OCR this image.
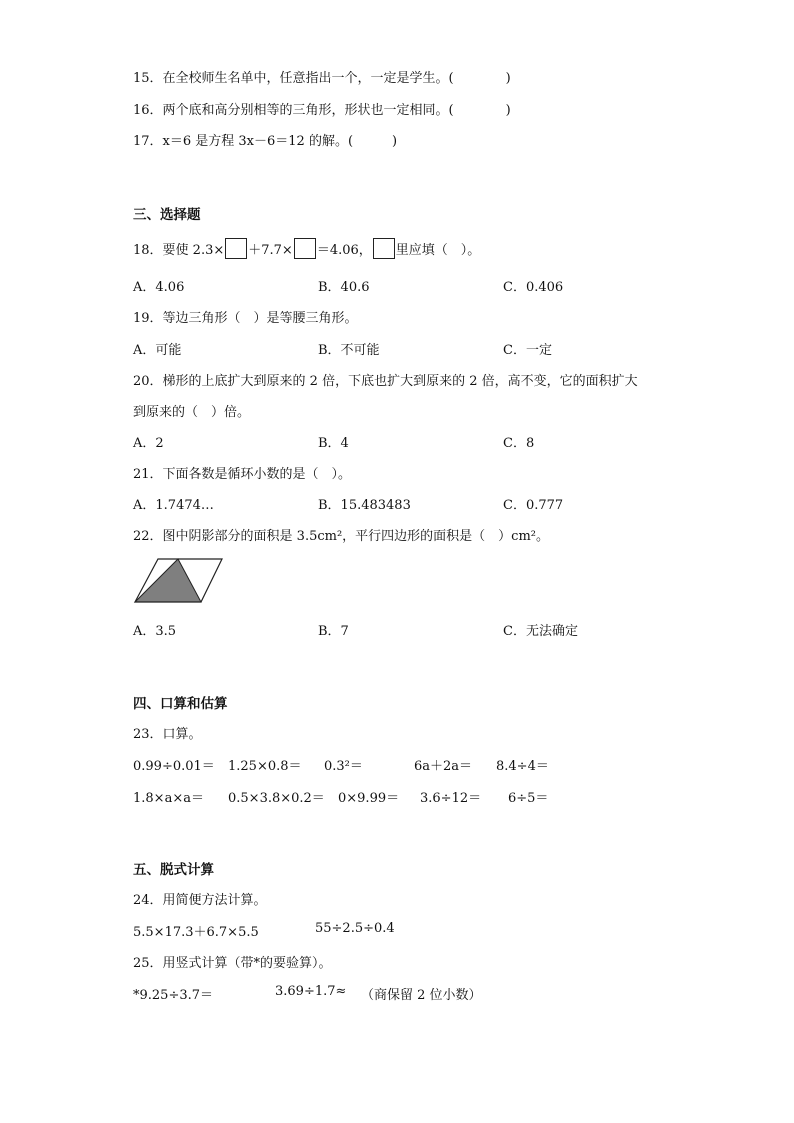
15．在全校师生名单中，任意指出一个，一定是学生。(　　　　)
16．两个底和高分别相等的三角形，形状也一定相同。(　　　　)
17．x＝6 是方程 3x－6＝12 的解。(　　　)
三、选择题
18．要使 2.3× ＋7.7× ＝4.06， 里应填（　）。
A．4.06	B．40.6	C．0.406
19．等边三角形（　）是等腰三角形。
A．可能	B．不可能	C．一定
20．梯形的上底扩大到原来的 2 倍，下底也扩大到原来的 2 倍，高不变，它的面积扩大
到原来的（　）倍。
A．2	B．4	C．8
21．下面各数是循环小数的是（　）。
A．1.7474…	B．15.483483	C．0.777
22．图中阴影部分的面积是 3.5cm²，平行四边形的面积是（　）cm²。
A．3.5	B．7	C．无法确定
四、口算和估算
23．口算。
0.99÷0.01＝ 1.25×0.8＝ 0.3²＝	6a＋2a＝ 8.4÷4＝
1.8×a×a＝ 0.5×3.8×0.2＝ 0×9.99＝ 3.6÷12＝ 6÷5＝
五、脱式计算
24．用简便方法计算。
5.5×17.3＋6.7×5.5	55÷2.5÷0.4
25．用竖式计算（带*的要验算）。
*9.25÷3.7＝	3.69÷1.7≈ （商保留 2 位小数）
